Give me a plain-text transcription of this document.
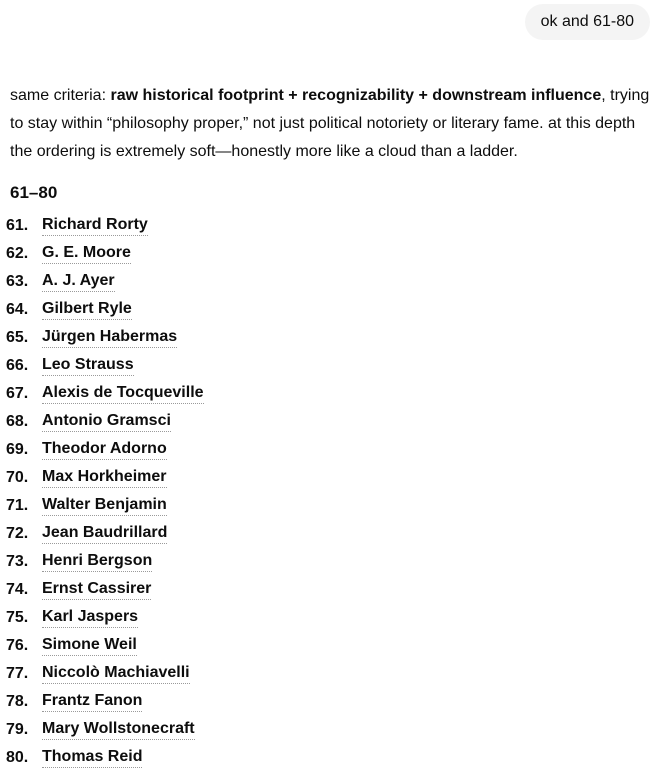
ok and 61-80

same criteria: raw historical footprint + recognizability + downstream influence, trying to stay within “philosophy proper,” not just political notoriety or literary fame. at this depth the ordering is extremely soft—honestly more like a cloud than a ladder.

61–80
61. Richard Rorty
62. G. E. Moore
63. A. J. Ayer
64. Gilbert Ryle
65. Jürgen Habermas
66. Leo Strauss
67. Alexis de Tocqueville
68. Antonio Gramsci
69. Theodor Adorno
70. Max Horkheimer
71. Walter Benjamin
72. Jean Baudrillard
73. Henri Bergson
74. Ernst Cassirer
75. Karl Jaspers
76. Simone Weil
77. Niccolò Machiavelli
78. Frantz Fanon
79. Mary Wollstonecraft
80. Thomas Reid
